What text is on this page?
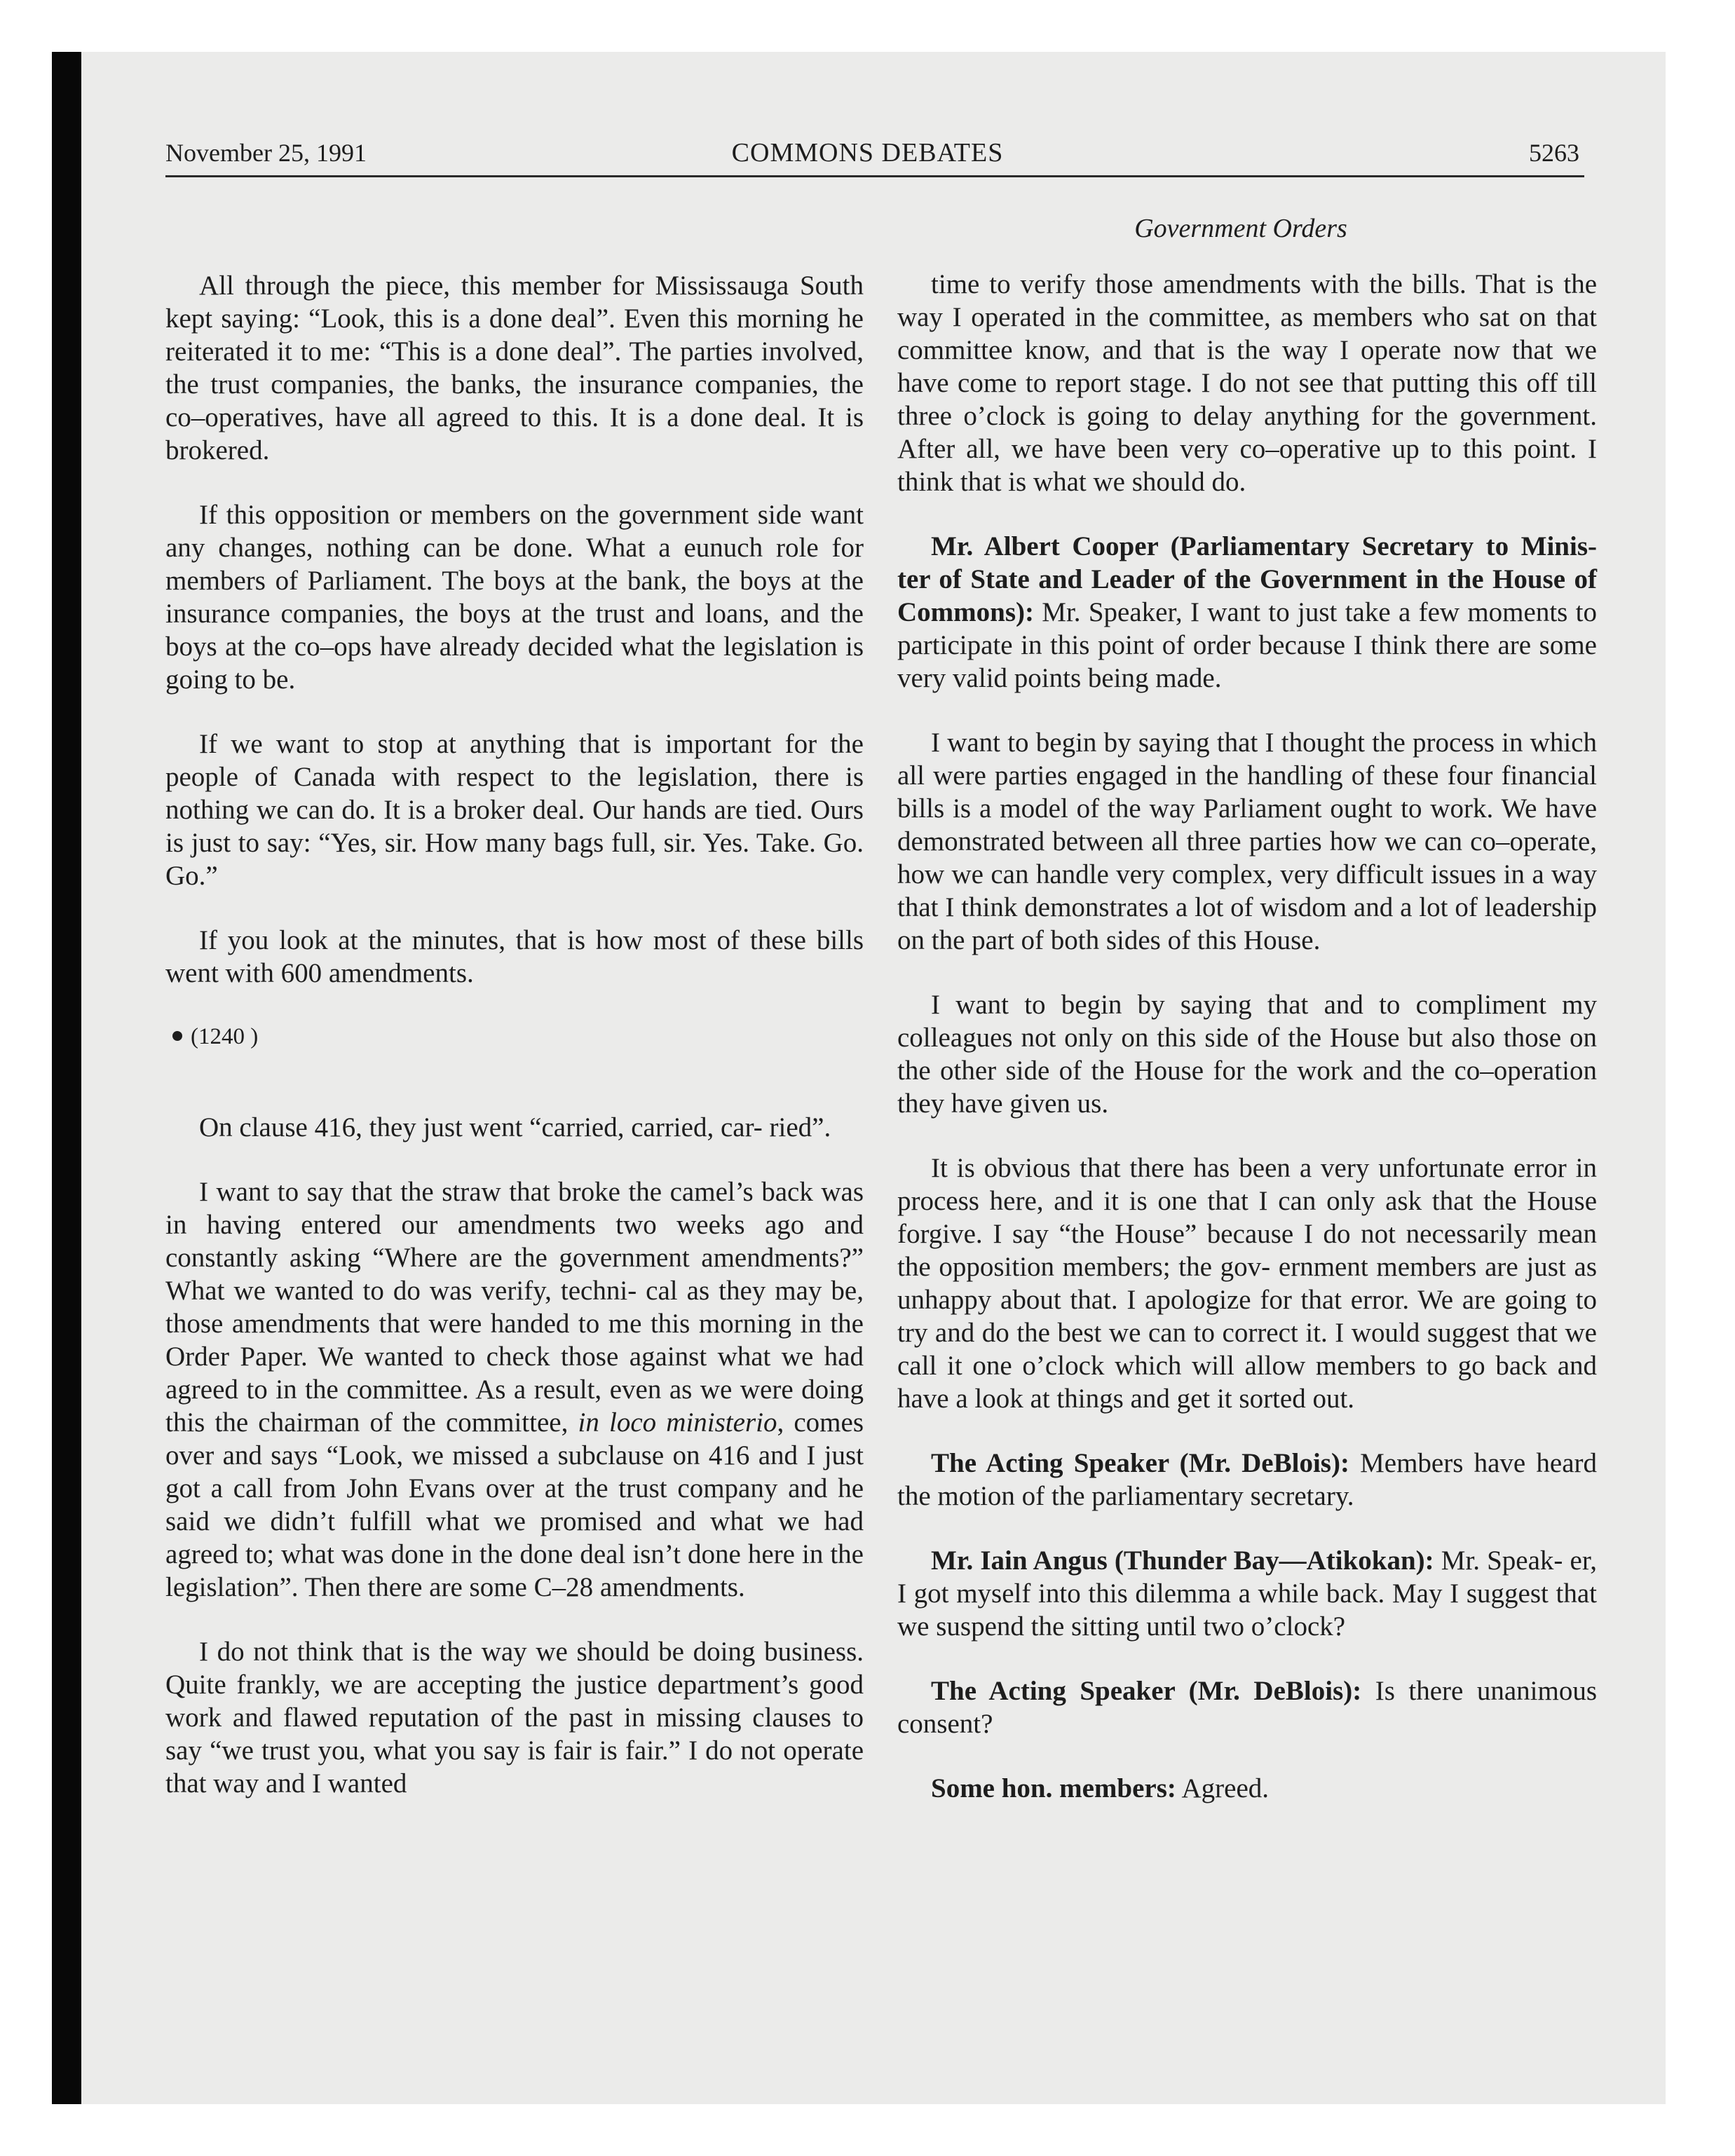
November 25, 1991	COMMONS DEBATES	5263
Government Orders

All through the piece, this member for Mississauga South kept saying: “Look, this is a done deal”. Even this morning he reiterated it to me: “This is a done deal”. The parties involved, the trust companies, the banks, the insurance companies, the co–operatives, have all agreed to this. It is a done deal. It is brokered.

If this opposition or members on the government side want any changes, nothing can be done. What a eunuch role for members of Parliament. The boys at the bank, the boys at the insurance companies, the boys at the trust and loans, and the boys at the co–ops have already decided what the legislation is going to be.

If we want to stop at anything that is important for the people of Canada with respect to the legislation, there is nothing we can do. It is a broker deal. Our hands are tied. Ours is just to say: “Yes, sir. How many bags full, sir. Yes. Take. Go. Go.”

If you look at the minutes, that is how most of these bills went with 600 amendments.

(1240 )

On clause 416, they just went “carried, carried, car- ried”.

I want to say that the straw that broke the camel’s back was in having entered our amendments two weeks ago and constantly asking “Where are the government amendments?” What we wanted to do was verify, techni- cal as they may be, those amendments that were handed to me this morning in the Order Paper. We wanted to check those against what we had agreed to in the committee. As a result, even as we were doing this the chairman of the committee, in loco ministerio, comes over and says “Look, we missed a subclause on 416 and I just got a call from John Evans over at the trust company and he said we didn’t fulfill what we promised and what we had agreed to; what was done in the done deal isn’t done here in the legislation”. Then there are some C–28 amendments.

I do not think that is the way we should be doing business. Quite frankly, we are accepting the justice department’s good work and flawed reputation of the past in missing clauses to say “we trust you, what you say is fair is fair.” I do not operate that way and I wanted

time to verify those amendments with the bills. That is the way I operated in the committee, as members who sat on that committee know, and that is the way I operate now that we have come to report stage. I do not see that putting this off till three o’clock is going to delay anything for the government. After all, we have been very co–operative up to this point. I think that is what we should do.

Mr. Albert Cooper (Parliamentary Secretary to Minis- ter of State and Leader of the Government in the House of Commons): Mr. Speaker, I want to just take a few moments to participate in this point of order because I think there are some very valid points being made.

I want to begin by saying that I thought the process in which all were parties engaged in the handling of these four financial bills is a model of the way Parliament ought to work. We have demonstrated between all three parties how we can co–operate, how we can handle very complex, very difficult issues in a way that I think demonstrates a lot of wisdom and a lot of leadership on the part of both sides of this House.

I want to begin by saying that and to compliment my colleagues not only on this side of the House but also those on the other side of the House for the work and the co–operation they have given us.

It is obvious that there has been a very unfortunate error in process here, and it is one that I can only ask that the House forgive. I say “the House” because I do not necessarily mean the opposition members; the gov- ernment members are just as unhappy about that. I apologize for that error. We are going to try and do the best we can to correct it. I would suggest that we call it one o’clock which will allow members to go back and have a look at things and get it sorted out.

The Acting Speaker (Mr. DeBlois): Members have heard the motion of the parliamentary secretary.

Mr. Iain Angus (Thunder Bay—Atikokan): Mr. Speak- er, I got myself into this dilemma a while back. May I suggest that we suspend the sitting until two o’clock?

The Acting Speaker (Mr. DeBlois): Is there unanimous consent?

Some hon. members: Agreed.
